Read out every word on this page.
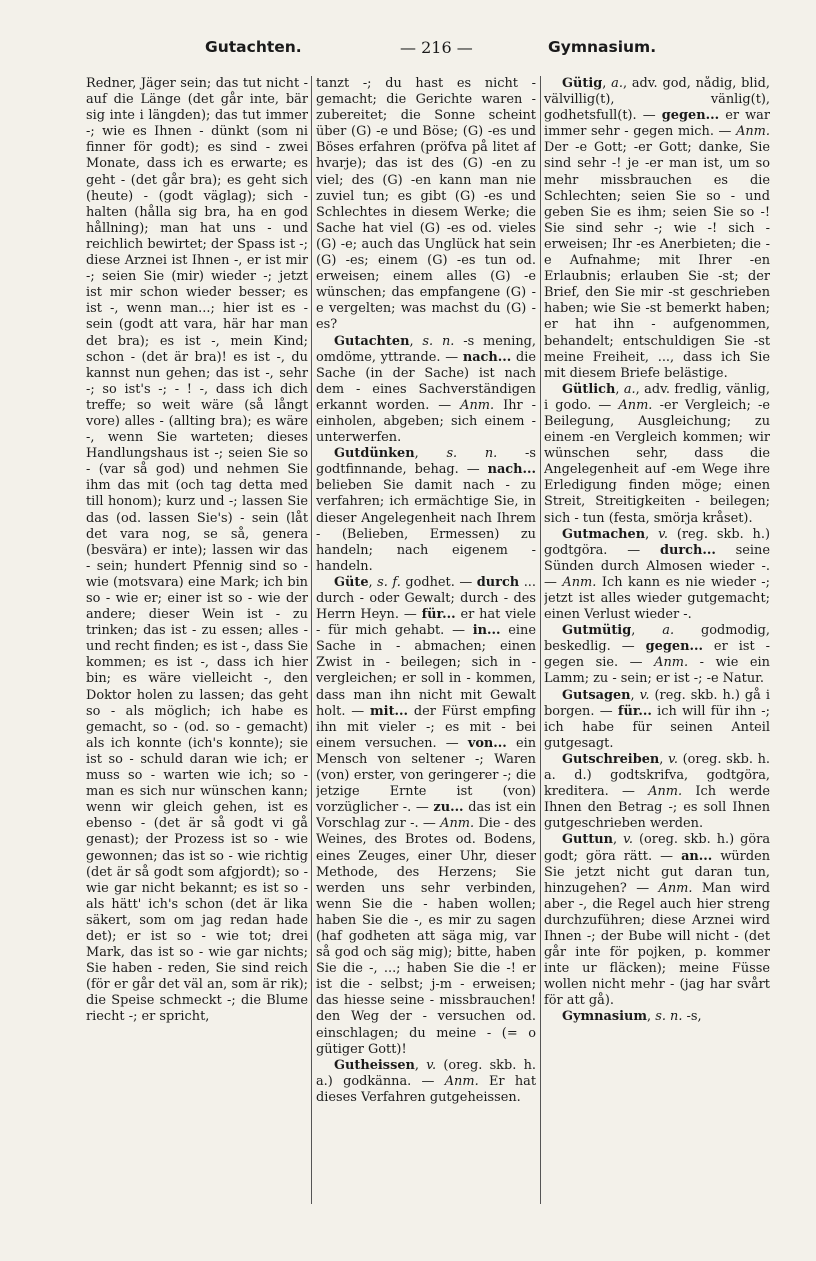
Gutachten.	— 216 —	Gymnasium.

Redner, Jäger sein; das tut nicht - auf die Länge (det går inte, bär sig inte i längden); das tut immer -; wie es Ihnen - dünkt (som ni finner för godt); es sind - zwei Monate, dass ich es erwarte; es geht - (det går bra); es geht sich (heute) - (godt väglag); sich - halten (hålla sig bra, ha en god hållning); man hat uns - und reichlich bewirtet; der Spass ist -; diese Arznei ist Ihnen -, er ist mir -; seien Sie (mir) wieder -; jetzt ist mir schon wieder besser; es ist -, wenn man...; hier ist es - sein (godt att vara, här har man det bra); es ist -, mein Kind; schon - (det är bra)! es ist -, du kannst nun gehen; das ist -, sehr -; so ist's -; - ! -, dass ich dich treffe; so weit wäre (så långt vore) alles - (allting bra); es wäre -, wenn Sie warteten; dieses Handlungshaus ist -; seien Sie so - (var så god) und nehmen Sie ihm das mit (och tag detta med till honom); kurz und -; lassen Sie das (od. lassen Sie's) - sein (låt det vara nog, se så, genera (besvära) er inte); lassen wir das - sein; hundert Pfennig sind so - wie (motsvara) eine Mark; ich bin so - wie er; einer ist so - wie der andere; dieser Wein ist - zu trinken; das ist - zu essen; alles - und recht finden; es ist -, dass Sie kommen; es ist -, dass ich hier bin; es wäre vielleicht -, den Doktor holen zu lassen; das geht so - als möglich; ich habe es gemacht, so - (od. so - gemacht) als ich konnte (ich's konnte); sie ist so - schuld daran wie ich; er muss so - warten wie ich; so - man es sich nur wünschen kann; wenn wir gleich gehen, ist es ebenso - (det är så godt vi gå genast); der Prozess ist so - wie gewonnen; das ist so - wie richtig (det är så godt som afgjordt); so - wie gar nicht bekannt; es ist so - als hätt' ich's schon (det är lika säkert, som om jag redan hade det); er ist so - wie tot; drei Mark, das ist so - wie gar nichts; Sie haben - reden, Sie sind reich (för er går det väl an, som är rik); die Speise schmeckt -; die Blume riecht -; er spricht,

tanzt -; du hast es nicht - gemacht; die Gerichte waren - zubereitet; die Sonne scheint über (G) -e und Böse; (G) -es und Böses erfahren (pröfva på litet af hvarje); das ist des (G) -en zu viel; des (G) -en kann man nie zuviel tun; es gibt (G) -es und Schlechtes in diesem Werke; die Sache hat viel (G) -es od. vieles (G) -e; auch das Unglück hat sein (G) -es; einem (G) -es tun od. erweisen; einem alles (G) -e wünschen; das empfangene (G) -e vergelten; was machst du (G) -es?

Gutachten, s. n. -s mening, omdöme, yttrande. — nach... die Sache (in der Sache) ist nach dem - eines Sachverständigen erkannt worden. — Anm. Ihr - einholen, abgeben; sich einem - unterwerfen.

Gutdünken, s. n. -s godtfinnande, behag. — nach... belieben Sie damit nach - zu verfahren; ich ermächtige Sie, in dieser Angelegenheit nach Ihrem - (Belieben, Ermessen) zu handeln; nach eigenem - handeln.

Güte, s. f. godhet. — durch ... durch - oder Gewalt; durch - des Herrn Heyn. — für... er hat viele - für mich gehabt. — in... eine Sache in - abmachen; einen Zwist in - beilegen; sich in - vergleichen; er soll in - kommen, dass man ihn nicht mit Gewalt holt. — mit... der Fürst empfing ihn mit vieler -; es mit - bei einem versuchen. — von... ein Mensch von seltener -; Waren (von) erster, von geringerer -; die jetzige Ernte ist (von) vorzüglicher -. — zu... das ist ein Vorschlag zur -. — Anm. Die - des Weines, des Brotes od. Bodens, eines Zeuges, einer Uhr, dieser Methode, des Herzens; Sie werden uns sehr verbinden, wenn Sie die - haben wollen; haben Sie die -, es mir zu sagen (haf godheten att säga mig, var så god och säg mig); bitte, haben Sie die -, ...; haben Sie die -! er ist die - selbst; j-m - erweisen; das hiesse seine - missbrauchen! den Weg der - versuchen od. einschlagen; du meine - (= o gütiger Gott)!

Gutheissen, v. (oreg. skb. h. a.) godkänna. — Anm. Er hat dieses Verfahren gutgeheissen.

Gütig, a., adv. god, nådig, blid, välvillig(t), vänlig(t), godhetsfull(t). — gegen... er war immer sehr - gegen mich. — Anm. Der -e Gott; -er Gott; danke, Sie sind sehr -! je -er man ist, um so mehr missbrauchen es die Schlechten; seien Sie so - und geben Sie es ihm; seien Sie so -! Sie sind sehr -; wie -! sich - erweisen; Ihr -es Anerbieten; die -e Aufnahme; mit Ihrer -en Erlaubnis; erlauben Sie -st; der Brief, den Sie mir -st geschrieben haben; wie Sie -st bemerkt haben; er hat ihn - aufgenommen, behandelt; entschuldigen Sie -st meine Freiheit, ..., dass ich Sie mit diesem Briefe belästige.

Gütlich, a., adv. fredlig, vänlig, i godo. — Anm. -er Vergleich; -e Beilegung, Ausgleichung; zu einem -en Vergleich kommen; wir wünschen sehr, dass die Angelegenheit auf -em Wege ihre Erledigung finden möge; einen Streit, Streitigkeiten - beilegen; sich - tun (festa, smörja kråset).

Gutmachen, v. (reg. skb. h.) godtgöra. — durch... seine Sünden durch Almosen wieder -. — Anm. Ich kann es nie wieder -; jetzt ist alles wieder gutgemacht; einen Verlust wieder -.

Gutmütig, a. godmodig, beskedlig. — gegen... er ist - gegen sie. — Anm. - wie ein Lamm; zu - sein; er ist -; -e Natur.

Gutsagen, v. (reg. skb. h.) gå i borgen. — für... ich will für ihn -; ich habe für seinen Anteil gutgesagt.

Gutschreiben, v. (oreg. skb. h. a. d.) godtskrifva, godtgöra, kreditera. — Anm. Ich werde Ihnen den Betrag -; es soll Ihnen gutgeschrieben werden.

Guttun, v. (oreg. skb. h.) göra godt; göra rätt. — an... würden Sie jetzt nicht gut daran tun, hinzugehen? — Anm. Man wird aber -, die Regel auch hier streng durchzuführen; diese Arznei wird Ihnen -; der Bube will nicht - (det går inte för pojken, p. kommer inte ur fläcken); meine Füsse wollen nicht mehr - (jag har svårt för att gå).

Gymnasium, s. n. -s,
